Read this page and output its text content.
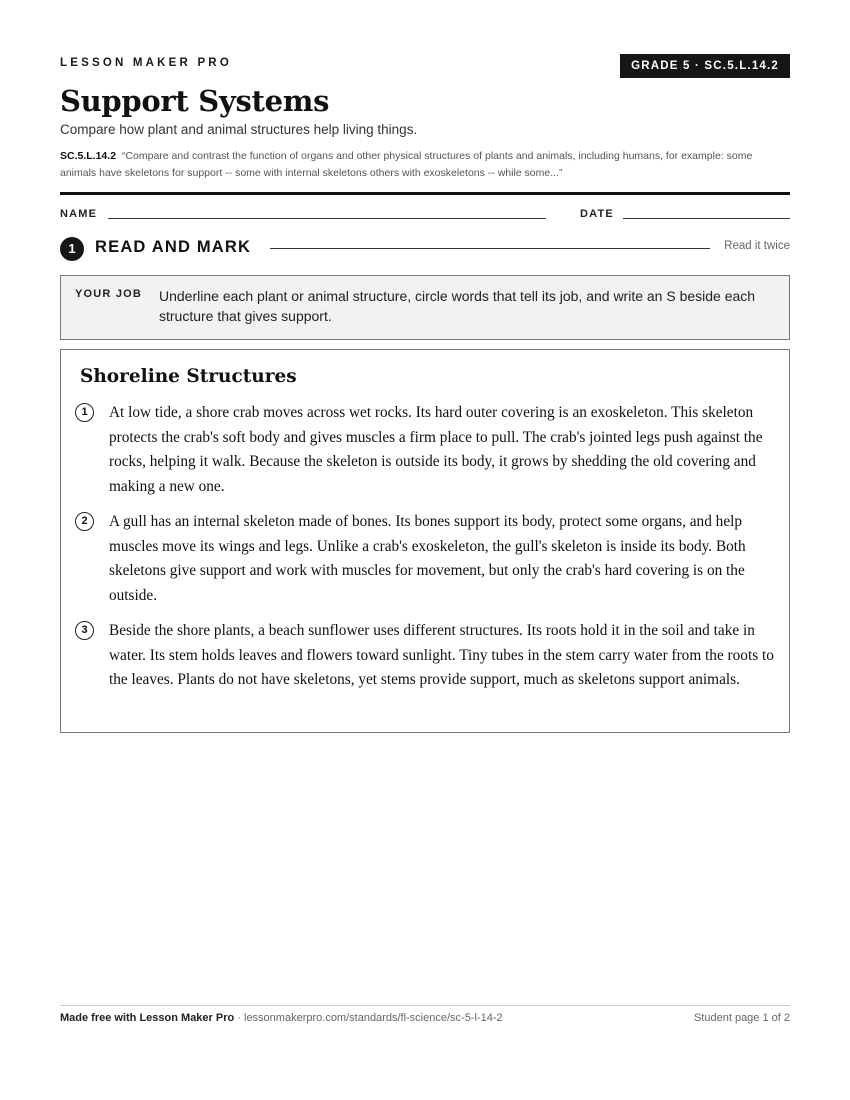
LESSON MAKER PRO	GRADE 5 · SC.5.L.14.2
Support Systems
Compare how plant and animal structures help living things.
SC.5.L.14.2 “Compare and contrast the function of organs and other physical structures of plants and animals, including humans, for example: some animals have skeletons for support -- some with internal skeletons others with exoskeletons -- while some...”
NAME	DATE
1	READ AND MARK	Read it twice
YOUR JOB Underline each plant or animal structure, circle words that tell its job, and write an S beside each structure that gives support.
Shoreline Structures
1	At low tide, a shore crab moves across wet rocks. Its hard outer covering is an exoskeleton. This skeleton protects the crab's soft body and gives muscles a firm place to pull. The crab's jointed legs push against the rocks, helping it walk. Because the skeleton is outside its body, it grows by shedding the old covering and making a new one.
2	A gull has an internal skeleton made of bones. Its bones support its body, protect some organs, and help muscles move its wings and legs. Unlike a crab's exoskeleton, the gull's skeleton is inside its body. Both skeletons give support and work with muscles for movement, but only the crab's hard covering is on the outside.
3	Beside the shore plants, a beach sunflower uses different structures. Its roots hold it in the soil and take in water. Its stem holds leaves and flowers toward sunlight. Tiny tubes in the stem carry water from the roots to the leaves. Plants do not have skeletons, yet stems provide support, much as skeletons support animals.
Made free with Lesson Maker Pro · lessonmakerpro.com/standards/fl-science/sc-5-l-14-2	Student page 1 of 2
